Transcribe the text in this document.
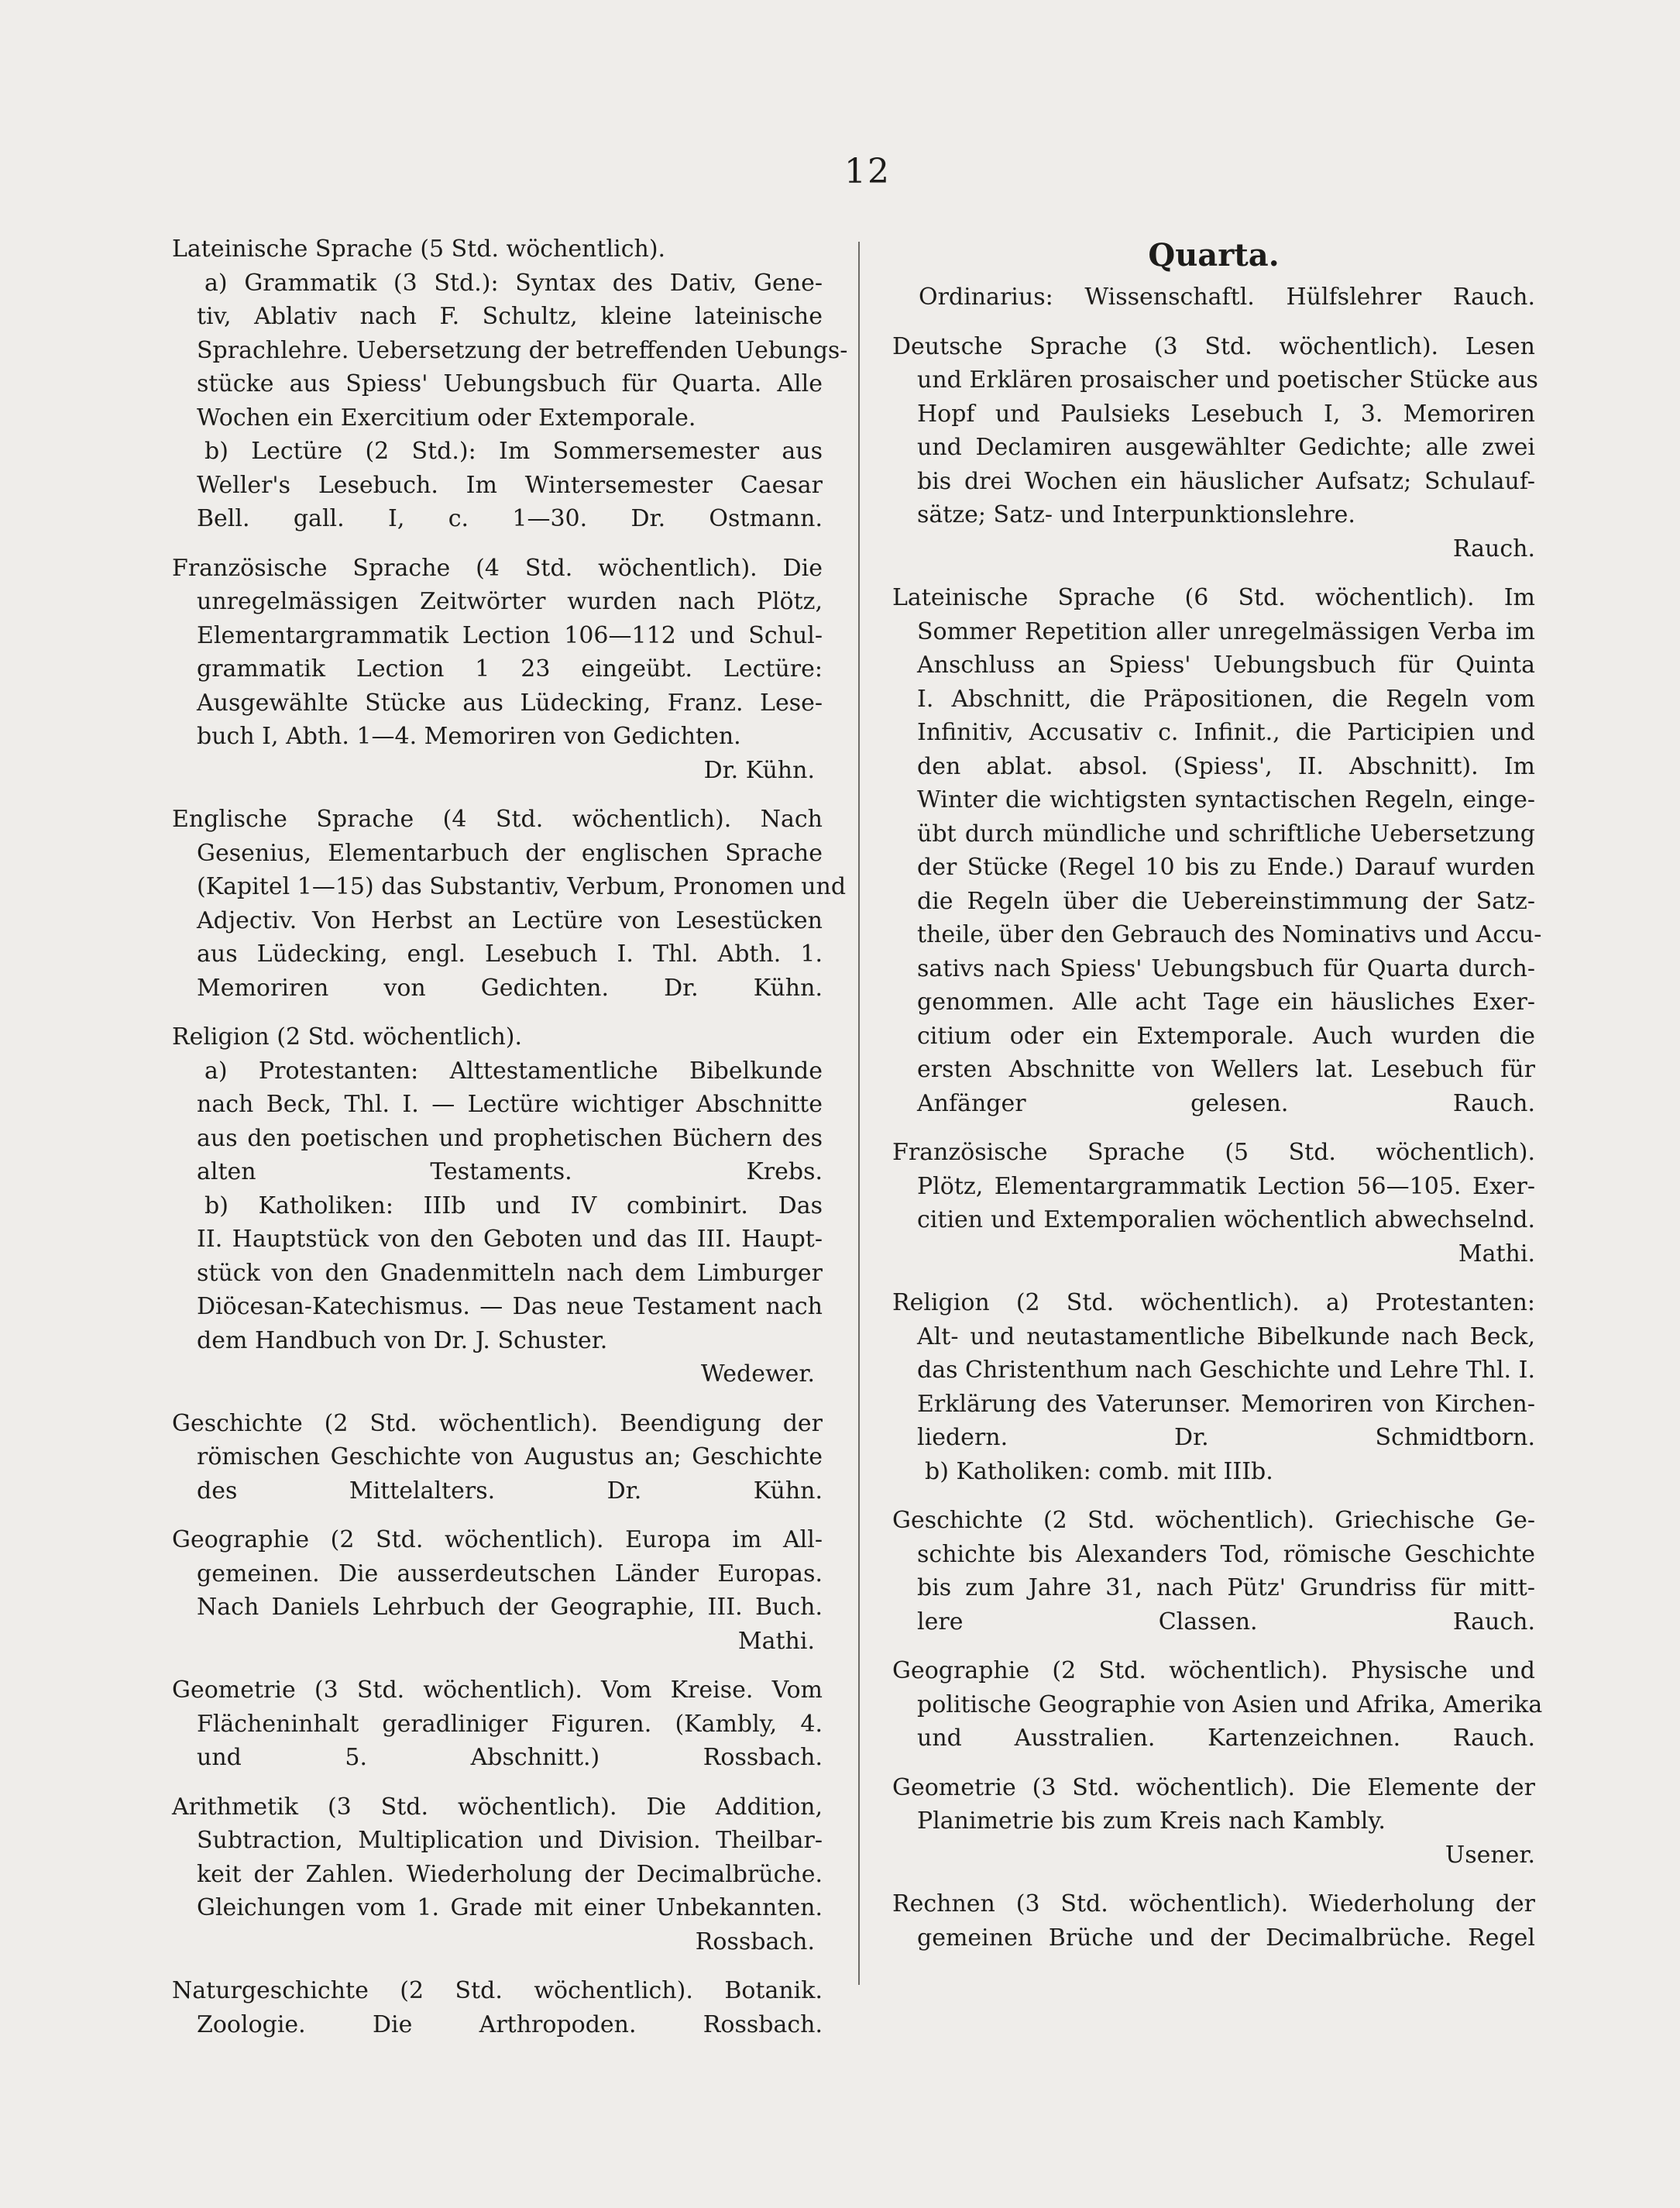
12
Lateinische Sprache (5 Std. wöchentlich).
a) Grammatik (3 Std.): Syntax des Dativ, Gene-
tiv, Ablativ nach F. Schultz, kleine lateinische
Sprachlehre. Uebersetzung der betreffenden Uebungs-
stücke aus Spiess' Uebungsbuch für Quarta. Alle
Wochen ein Exercitium oder Extemporale.
b) Lectüre (2 Std.): Im Sommersemester aus
Weller's Lesebuch. Im Wintersemester Caesar
Bell. gall. I, c. 1—30. Dr. Ostmann.
Französische Sprache (4 Std. wöchentlich). Die
unregelmässigen Zeitwörter wurden nach Plötz,
Elementargrammatik Lection 106—112 und Schul-
grammatik Lection 1 23 eingeübt. Lectüre:
Ausgewählte Stücke aus Lüdecking, Franz. Lese-
buch I, Abth. 1—4. Memoriren von Gedichten.
Dr. Kühn.
Englische Sprache (4 Std. wöchentlich). Nach
Gesenius, Elementarbuch der englischen Sprache
(Kapitel 1—15) das Substantiv, Verbum, Pronomen und
Adjectiv. Von Herbst an Lectüre von Lesestücken
aus Lüdecking, engl. Lesebuch I. Thl. Abth. 1.
Memoriren von Gedichten. Dr. Kühn.
Religion (2 Std. wöchentlich).
a) Protestanten: Alttestamentliche Bibelkunde
nach Beck, Thl. I. — Lectüre wichtiger Abschnitte
aus den poetischen und prophetischen Büchern des
alten Testaments. Krebs.
b) Katholiken: IIIb und IV combinirt. Das
II. Hauptstück von den Geboten und das III. Haupt-
stück von den Gnadenmitteln nach dem Limburger
Diöcesan-Katechismus. — Das neue Testament nach
dem Handbuch von Dr. J. Schuster.
Wedewer.
Geschichte (2 Std. wöchentlich). Beendigung der
römischen Geschichte von Augustus an; Geschichte
des Mittelalters. Dr. Kühn.
Geographie (2 Std. wöchentlich). Europa im All-
gemeinen. Die ausserdeutschen Länder Europas.
Nach Daniels Lehrbuch der Geographie, III. Buch.
Mathi.
Geometrie (3 Std. wöchentlich). Vom Kreise. Vom
Flächeninhalt geradliniger Figuren. (Kambly, 4.
und 5. Abschnitt.) Rossbach.
Arithmetik (3 Std. wöchentlich). Die Addition,
Subtraction, Multiplication und Division. Theilbar-
keit der Zahlen. Wiederholung der Decimalbrüche.
Gleichungen vom 1. Grade mit einer Unbekannten.
Rossbach.
Naturgeschichte (2 Std. wöchentlich). Botanik.
Zoologie. Die Arthropoden. Rossbach.
Quarta.
Ordinarius: Wissenschaftl. Hülfslehrer Rauch.
Deutsche Sprache (3 Std. wöchentlich). Lesen
und Erklären prosaischer und poetischer Stücke aus
Hopf und Paulsieks Lesebuch I, 3. Memoriren
und Declamiren ausgewählter Gedichte; alle zwei
bis drei Wochen ein häuslicher Aufsatz; Schulauf-
sätze; Satz- und Interpunktionslehre.
Rauch.
Lateinische Sprache (6 Std. wöchentlich). Im
Sommer Repetition aller unregelmässigen Verba im
Anschluss an Spiess' Uebungsbuch für Quinta
I. Abschnitt, die Präpositionen, die Regeln vom
Infinitiv, Accusativ c. Infinit., die Participien und
den ablat. absol. (Spiess', II. Abschnitt). Im
Winter die wichtigsten syntactischen Regeln, einge-
übt durch mündliche und schriftliche Uebersetzung
der Stücke (Regel 10 bis zu Ende.) Darauf wurden
die Regeln über die Uebereinstimmung der Satz-
theile, über den Gebrauch des Nominativs und Accu-
sativs nach Spiess' Uebungsbuch für Quarta durch-
genommen. Alle acht Tage ein häusliches Exer-
citium oder ein Extemporale. Auch wurden die
ersten Abschnitte von Wellers lat. Lesebuch für
Anfänger gelesen. Rauch.
Französische Sprache (5 Std. wöchentlich).
Plötz, Elementargrammatik Lection 56—105. Exer-
citien und Extemporalien wöchentlich abwechselnd.
Mathi.
Religion (2 Std. wöchentlich). a) Protestanten:
Alt- und neutastamentliche Bibelkunde nach Beck,
das Christenthum nach Geschichte und Lehre Thl. I.
Erklärung des Vaterunser. Memoriren von Kirchen-
liedern. Dr. Schmidtborn.
b) Katholiken: comb. mit IIIb.
Geschichte (2 Std. wöchentlich). Griechische Ge-
schichte bis Alexanders Tod, römische Geschichte
bis zum Jahre 31, nach Pütz' Grundriss für mitt-
lere Classen. Rauch.
Geographie (2 Std. wöchentlich). Physische und
politische Geographie von Asien und Afrika, Amerika
und Ausstralien. Kartenzeichnen. Rauch.
Geometrie (3 Std. wöchentlich). Die Elemente der
Planimetrie bis zum Kreis nach Kambly.
Usener.
Rechnen (3 Std. wöchentlich). Wiederholung der
gemeinen Brüche und der Decimalbrüche. Regel
